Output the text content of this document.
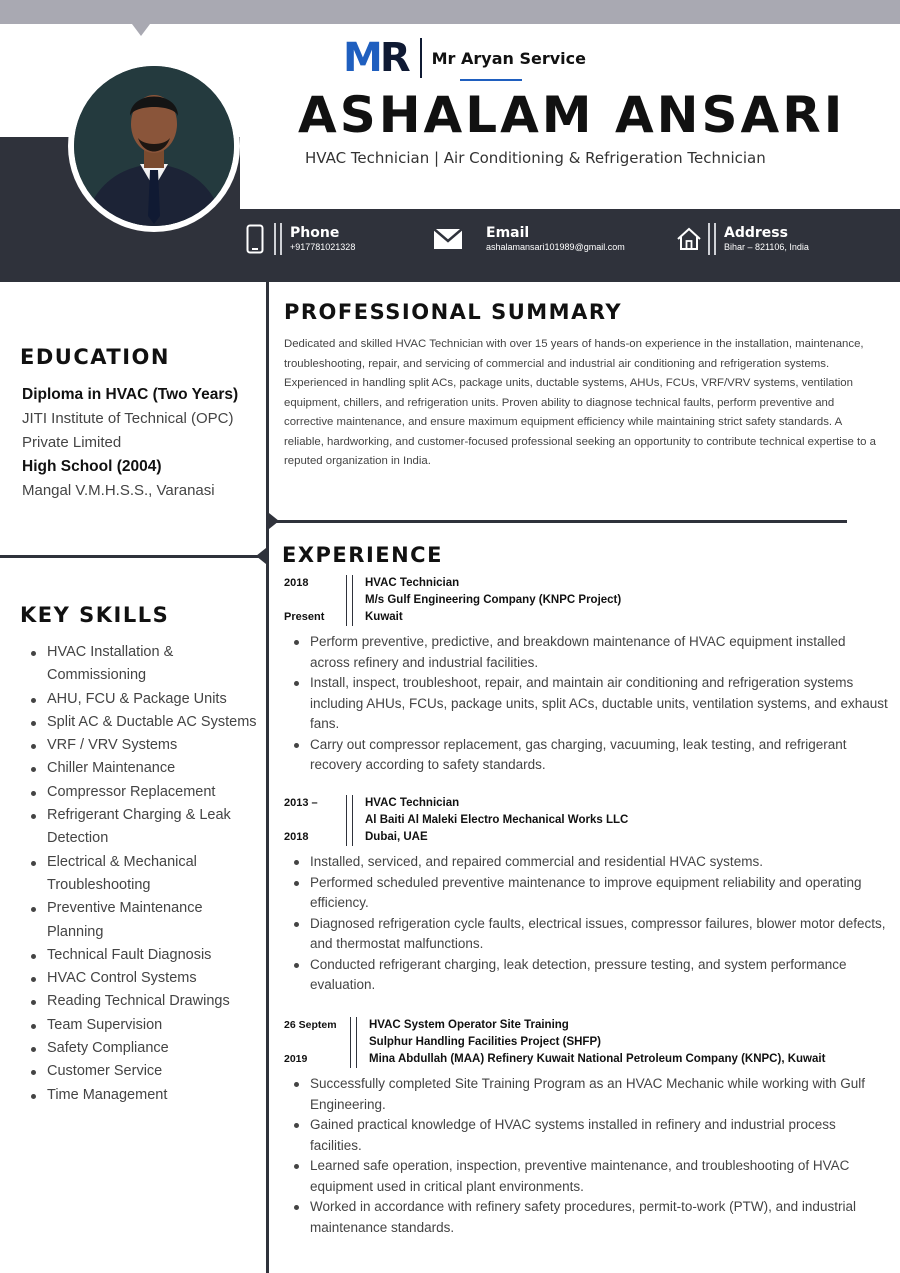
MR Mr Aryan Service
ASHALAM ANSARI
HVAC Technician | Air Conditioning & Refrigeration Technician
Phone
+917781021328
Email
ashalamansari101989@gmail.com
Address
Bihar – 821106, India
EDUCATION
Diploma in HVAC (Two Years)
JITI Institute of Technical (OPC) Private Limited
High School (2004)
Mangal V.M.H.S.S., Varanasi
KEY SKILLS
HVAC Installation & Commissioning
AHU, FCU & Package Units
Split AC & Ductable AC Systems
VRF / VRV Systems
Chiller Maintenance
Compressor Replacement
Refrigerant Charging & Leak Detection
Electrical & Mechanical Troubleshooting
Preventive Maintenance Planning
Technical Fault Diagnosis
HVAC Control Systems
Reading Technical Drawings
Team Supervision
Safety Compliance
Customer Service
Time Management
PROFESSIONAL SUMMARY
Dedicated and skilled HVAC Technician with over 15 years of hands-on experience in the installation, maintenance, troubleshooting, repair, and servicing of commercial and industrial air conditioning and refrigeration systems. Experienced in handling split ACs, package units, ductable systems, AHUs, FCUs, VRF/VRV systems, ventilation equipment, chillers, and refrigeration units. Proven ability to diagnose technical faults, perform preventive and corrective maintenance, and ensure maximum equipment efficiency while maintaining strict safety standards. A reliable, hardworking, and customer-focused professional seeking an opportunity to contribute technical expertise to a reputed organization in India.
EXPERIENCE
2018
Present
HVAC Technician
M/s Gulf Engineering Company (KNPC Project)
Kuwait
Perform preventive, predictive, and breakdown maintenance of HVAC equipment installed across refinery and industrial facilities.
Install, inspect, troubleshoot, repair, and maintain air conditioning and refrigeration systems including AHUs, FCUs, package units, split ACs, ductable units, ventilation systems, and exhaust fans.
Carry out compressor replacement, gas charging, vacuuming, leak testing, and refrigerant recovery according to safety standards.
2013 –
2018
HVAC Technician
Al Baiti Al Maleki Electro Mechanical Works LLC
Dubai, UAE
Installed, serviced, and repaired commercial and residential HVAC systems.
Performed scheduled preventive maintenance to improve equipment reliability and operating efficiency.
Diagnosed refrigeration cycle faults, electrical issues, compressor failures, blower motor defects, and thermostat malfunctions.
Conducted refrigerant charging, leak detection, pressure testing, and system performance evaluation.
26 Septem
2019
HVAC System Operator Site Training
Sulphur Handling Facilities Project (SHFP)
Mina Abdullah (MAA) Refinery Kuwait National Petroleum Company (KNPC), Kuwait
Successfully completed Site Training Program as an HVAC Mechanic while working with Gulf Engineering.
Gained practical knowledge of HVAC systems installed in refinery and industrial process facilities.
Learned safe operation, inspection, preventive maintenance, and troubleshooting of HVAC equipment used in critical plant environments.
Worked in accordance with refinery safety procedures, permit-to-work (PTW), and industrial maintenance standards.
